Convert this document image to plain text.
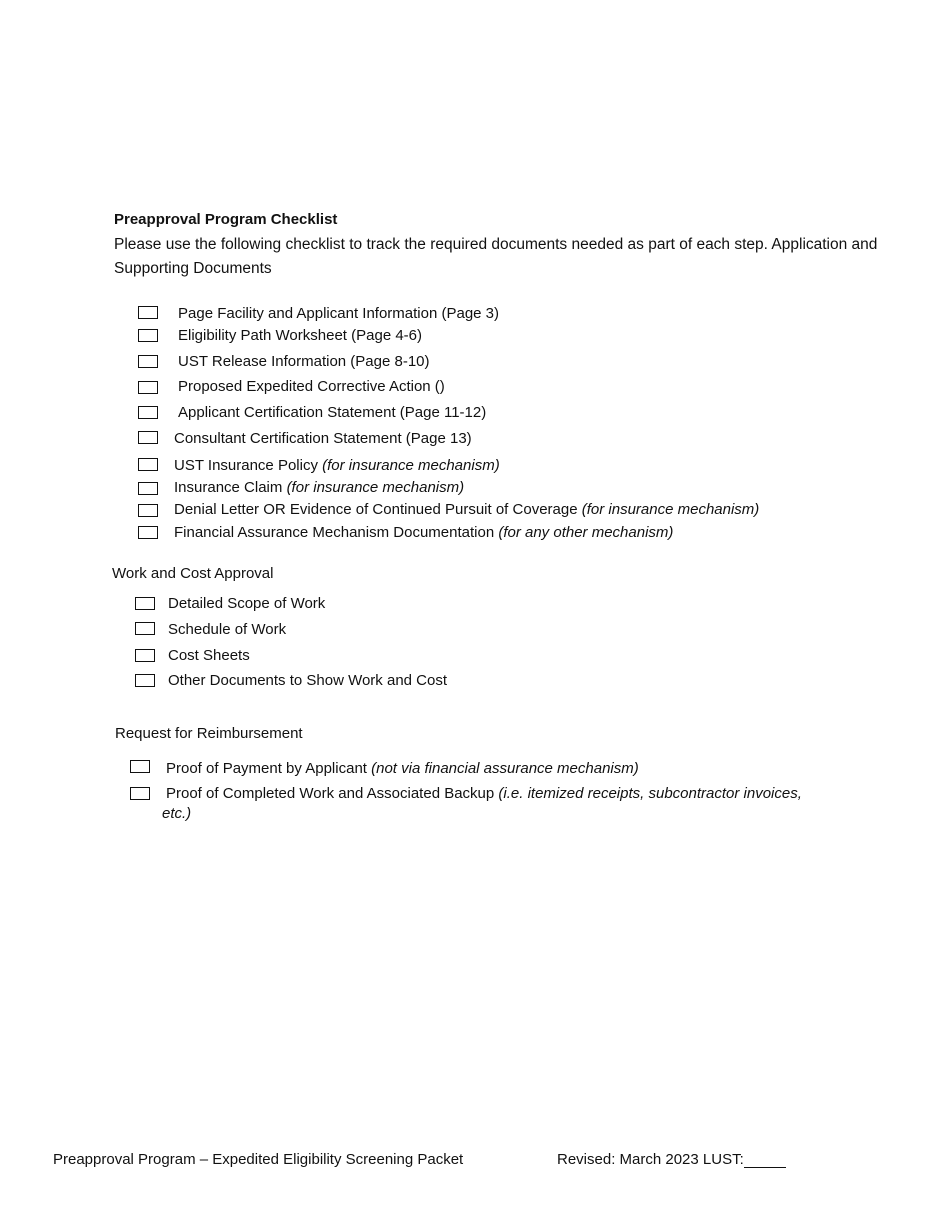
Preapproval Program Checklist
Please use the following checklist to track the required documents needed as part of each step. Application and Supporting Documents
Page Facility and Applicant Information (Page 3)
Eligibility Path Worksheet (Page 4-6)
UST Release Information (Page 8-10)
Proposed Expedited Corrective Action ()
Applicant Certification Statement (Page 11-12)
Consultant Certification Statement (Page 13)
UST Insurance Policy (for insurance mechanism)
Insurance Claim (for insurance mechanism)
Denial Letter OR Evidence of Continued Pursuit of Coverage (for insurance mechanism)
Financial Assurance Mechanism Documentation (for any other mechanism)
Work and Cost Approval
Detailed Scope of Work
Schedule of Work
Cost Sheets
Other Documents to Show Work and Cost
Request for Reimbursement
Proof of Payment by Applicant (not via financial assurance mechanism)
Proof of Completed Work and Associated Backup (i.e. itemized receipts, subcontractor invoices, etc.)
Preapproval Program – Expedited Eligibility Screening Packet	Revised: March 2023 LUST:
